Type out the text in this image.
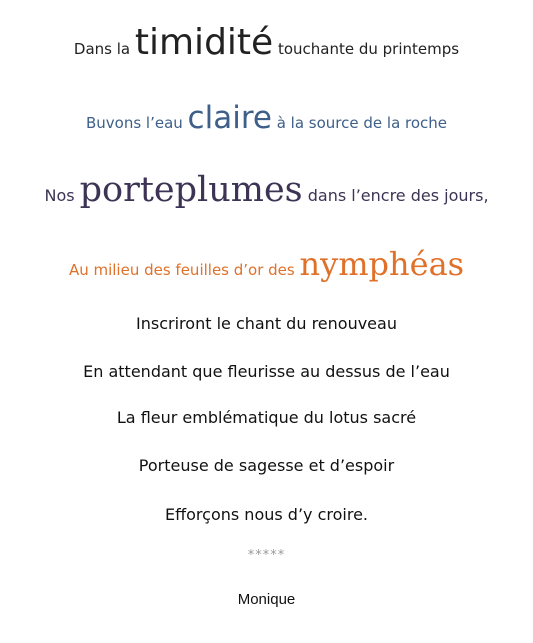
Dans la timidité touchante du printemps
Buvons l’eau claire à la source de la roche
Nos porteplumes dans l’encre des jours,
Au milieu des feuilles d’or des nymphéas
Inscriront le chant du renouveau
En attendant que fleurisse au dessus de l’eau
La fleur emblématique du lotus sacré
Porteuse de sagesse et d’espoir
Efforçons nous d’y croire.
*****
Monique
